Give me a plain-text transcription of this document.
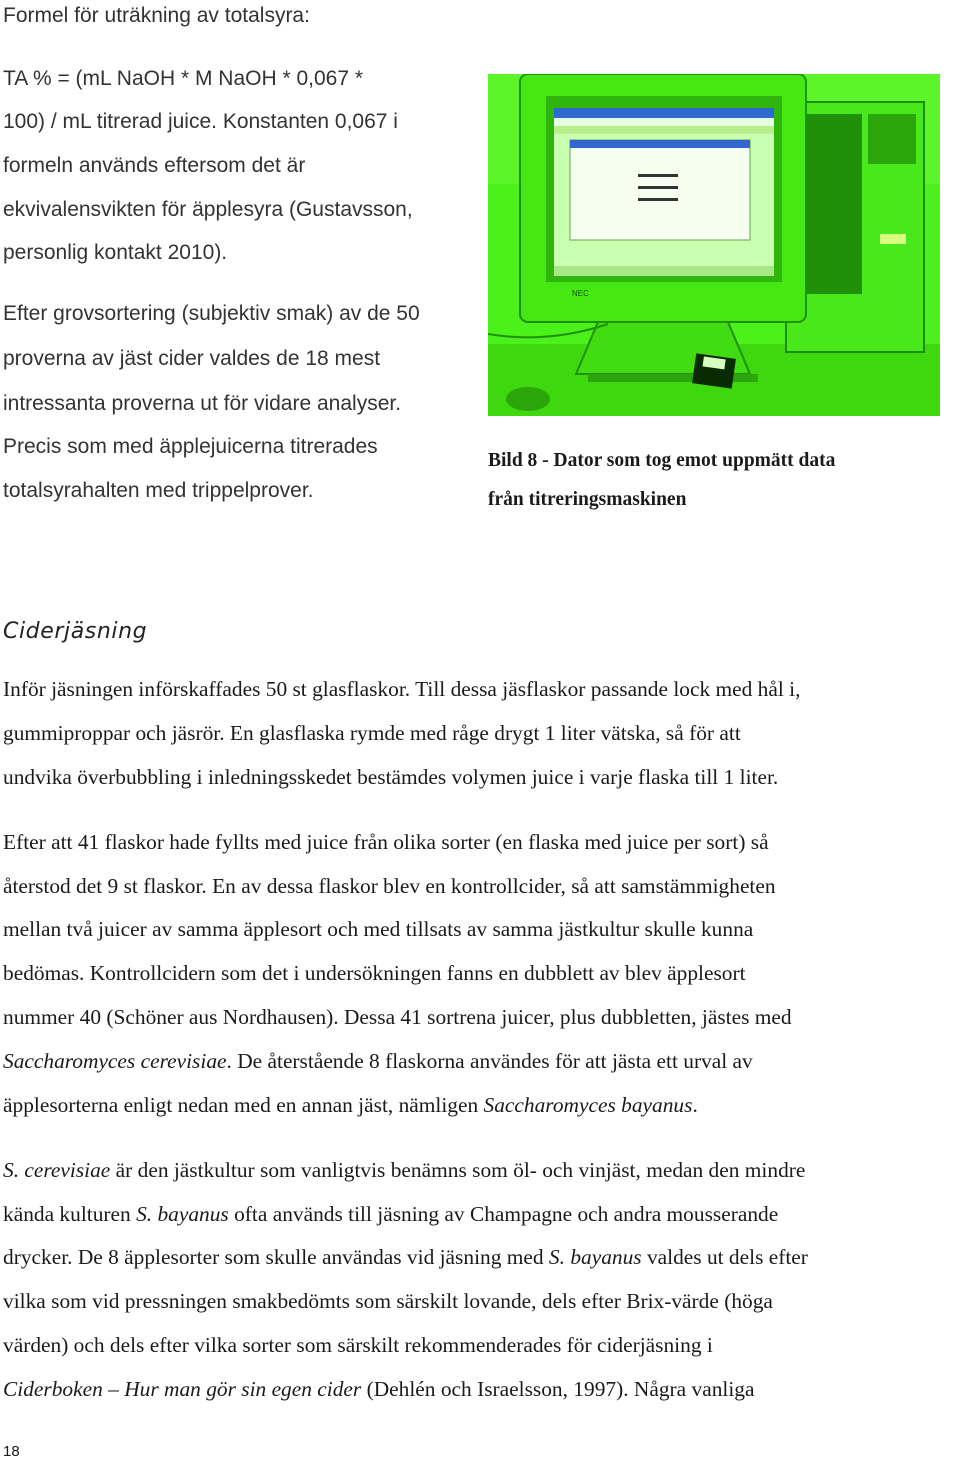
Formel för uträkning av totalsyra:
TA % = (mL NaOH * M NaOH * 0,067 *
100) / mL titrerad juice. Konstanten 0,067 i
formeln används eftersom det är
ekvivalensvikten för äpplesyra (Gustavsson,
personlig kontakt 2010).
Efter grovsortering (subjektiv smak) av de 50
proverna av jäst cider valdes de 18 mest
intressanta proverna ut för vidare analyser.
Precis som med äpplejuicerna titrerades
totalsyrahalten med trippelprover.
NEC
Bild 8 - Dator som tog emot uppmätt data
från titreringsmaskinen
Ciderjäsning
Inför jäsningen införskaffades 50 st glasflaskor. Till dessa jäsflaskor passande lock med hål i,
gummiproppar och jäsrör. En glasflaska rymde med råge drygt 1 liter vätska, så för att
undvika överbubbling i inledningsskedet bestämdes volymen juice i varje flaska till 1 liter.
Efter att 41 flaskor hade fyllts med juice från olika sorter (en flaska med juice per sort) så
återstod det 9 st flaskor. En av dessa flaskor blev en kontrollcider, så att samstämmigheten
mellan två juicer av samma äpplesort och med tillsats av samma jästkultur skulle kunna
bedömas. Kontrollcidern som det i undersökningen fanns en dubblett av blev äpplesort
nummer 40 (Schöner aus Nordhausen). Dessa 41 sortrena juicer, plus dubbletten, jästes med
Saccharomyces cerevisiae. De återstående 8 flaskorna användes för att jästa ett urval av
äpplesorterna enligt nedan med en annan jäst, nämligen Saccharomyces bayanus.
S. cerevisiae är den jästkultur som vanligtvis benämns som öl- och vinjäst, medan den mindre
kända kulturen S. bayanus ofta används till jäsning av Champagne och andra mousserande
drycker. De 8 äpplesorter som skulle användas vid jäsning med S. bayanus valdes ut dels efter
vilka som vid pressningen smakbedömts som särskilt lovande, dels efter Brix-värde (höga
värden) och dels efter vilka sorter som särskilt rekommenderades för ciderjäsning i
Ciderboken – Hur man gör sin egen cider (Dehlén och Israelsson, 1997). Några vanliga
18
